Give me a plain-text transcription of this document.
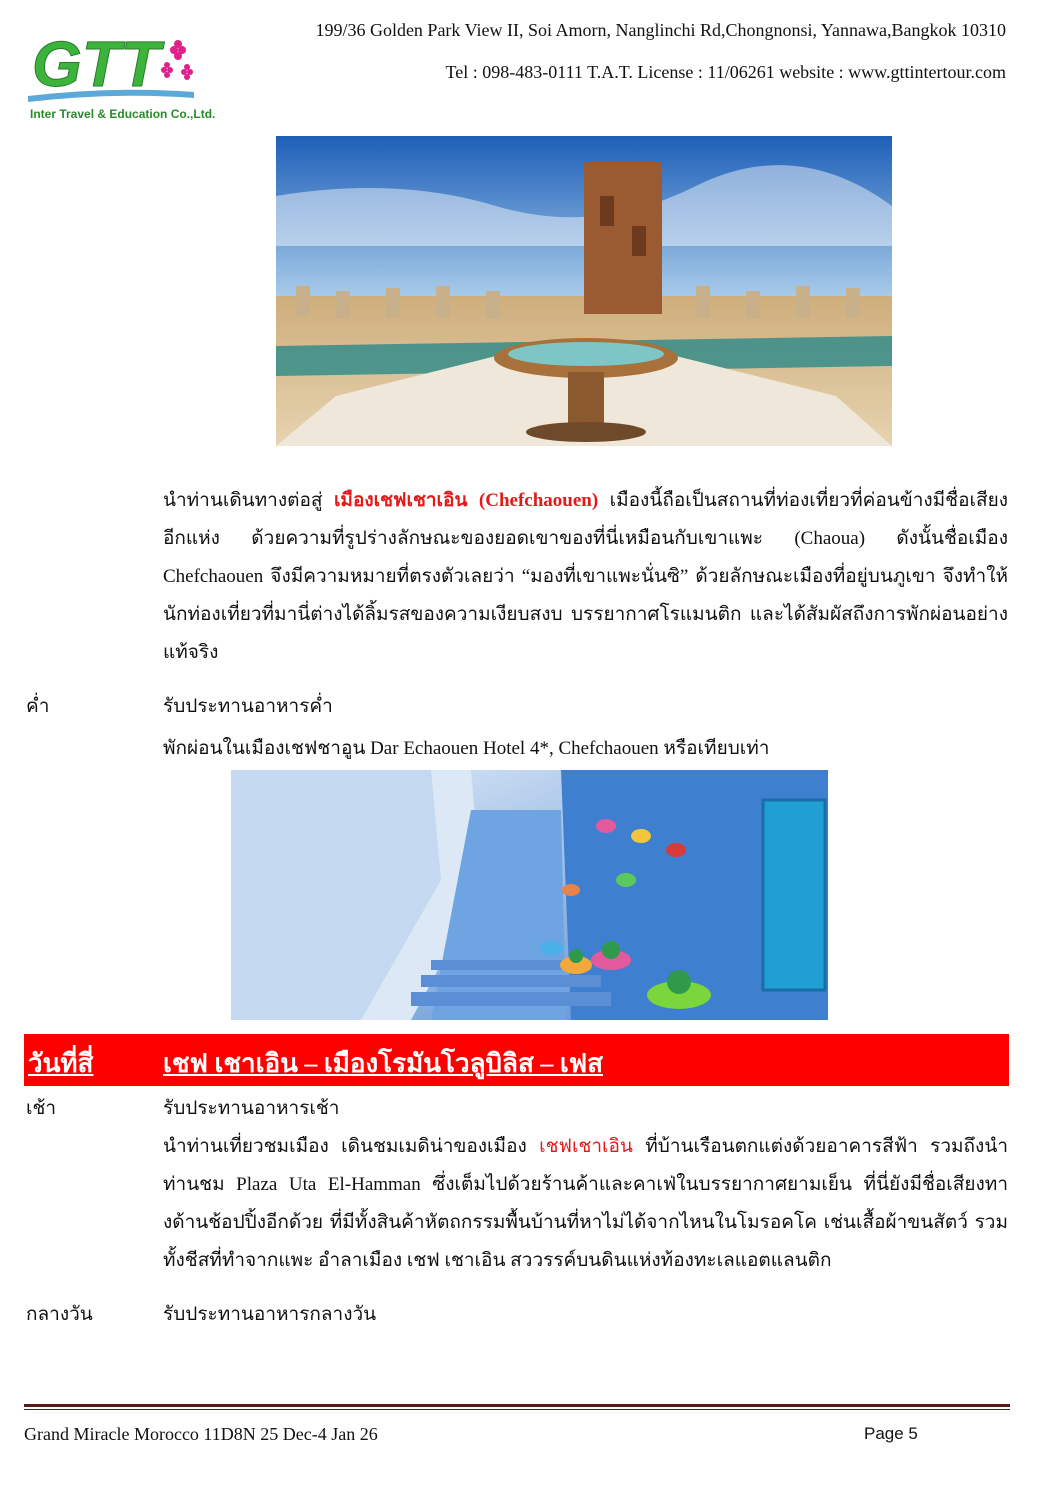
GTT
Inter Travel & Education Co.,Ltd.
199/36 Golden Park View II, Soi Amorn, Nanglinchi Rd,Chongnonsi, Yannawa,Bangkok 10310
Tel : 098-483-0111 T.A.T. License : 11/06261 website : www.gttintertour.com
นำท่านเดินทางต่อสู่ เมืองเชฟเชาเอิน (Chefchaouen) เมืองนี้ถือเป็นสถานที่ท่องเที่ยวที่ค่อนข้างมีชื่อเสียงอีกแห่ง ด้วยความที่รูปร่างลักษณะของยอดเขาของที่นี่เหมือนกับเขาแพะ (Chaoua) ดังนั้นชื่อเมือง Chefchaouen จึงมีความหมายที่ตรงตัวเลยว่า “มองที่เขาแพะนั่นซิ” ด้วยลักษณะเมืองที่อยู่บนภูเขา จึงทำให้นักท่องเที่ยวที่มานี่ต่างได้ลิ้มรสของความเงียบสงบ บรรยากาศโรแมนติก และได้สัมผัสถึงการพักผ่อนอย่างแท้จริง
ค่ำ	รับประทานอาหารค่ำ
พักผ่อนในเมืองเชฟชาอูน Dar Echaouen Hotel 4*, Chefchaouen หรือเทียบเท่า
วันที่สี่	เชฟ เชาเอิน – เมืองโรมันโวลูบิลิส – เฟส
เช้า	รับประทานอาหารเช้า
นำท่านเที่ยวชมเมือง เดินชมเมดิน่าของเมือง เชฟเชาเอิน ที่บ้านเรือนตกแต่งด้วยอาคารสีฟ้า รวมถึงนำท่านชม Plaza Uta El-Hamman ซึ่งเต็มไปด้วยร้านค้าและคาเฟ่ในบรรยากาศยามเย็น ที่นี่ยังมีชื่อเสียงทางด้านช้อปปิ้งอีกด้วย ที่มีทั้งสินค้าหัตถกรรมพื้นบ้านที่หาไม่ได้จากไหนในโมรอคโค เช่นเสื้อผ้าขนสัตว์ รวมทั้งชีสที่ทำจากแพะ อำลาเมือง เชฟ เชาเอิน สววรรค์บนดินแห่งท้องทะเลแอตแลนติก
กลางวัน	รับประทานอาหารกลางวัน
Grand Miracle Morocco 11D8N 25 Dec-4 Jan 26	Page 5
